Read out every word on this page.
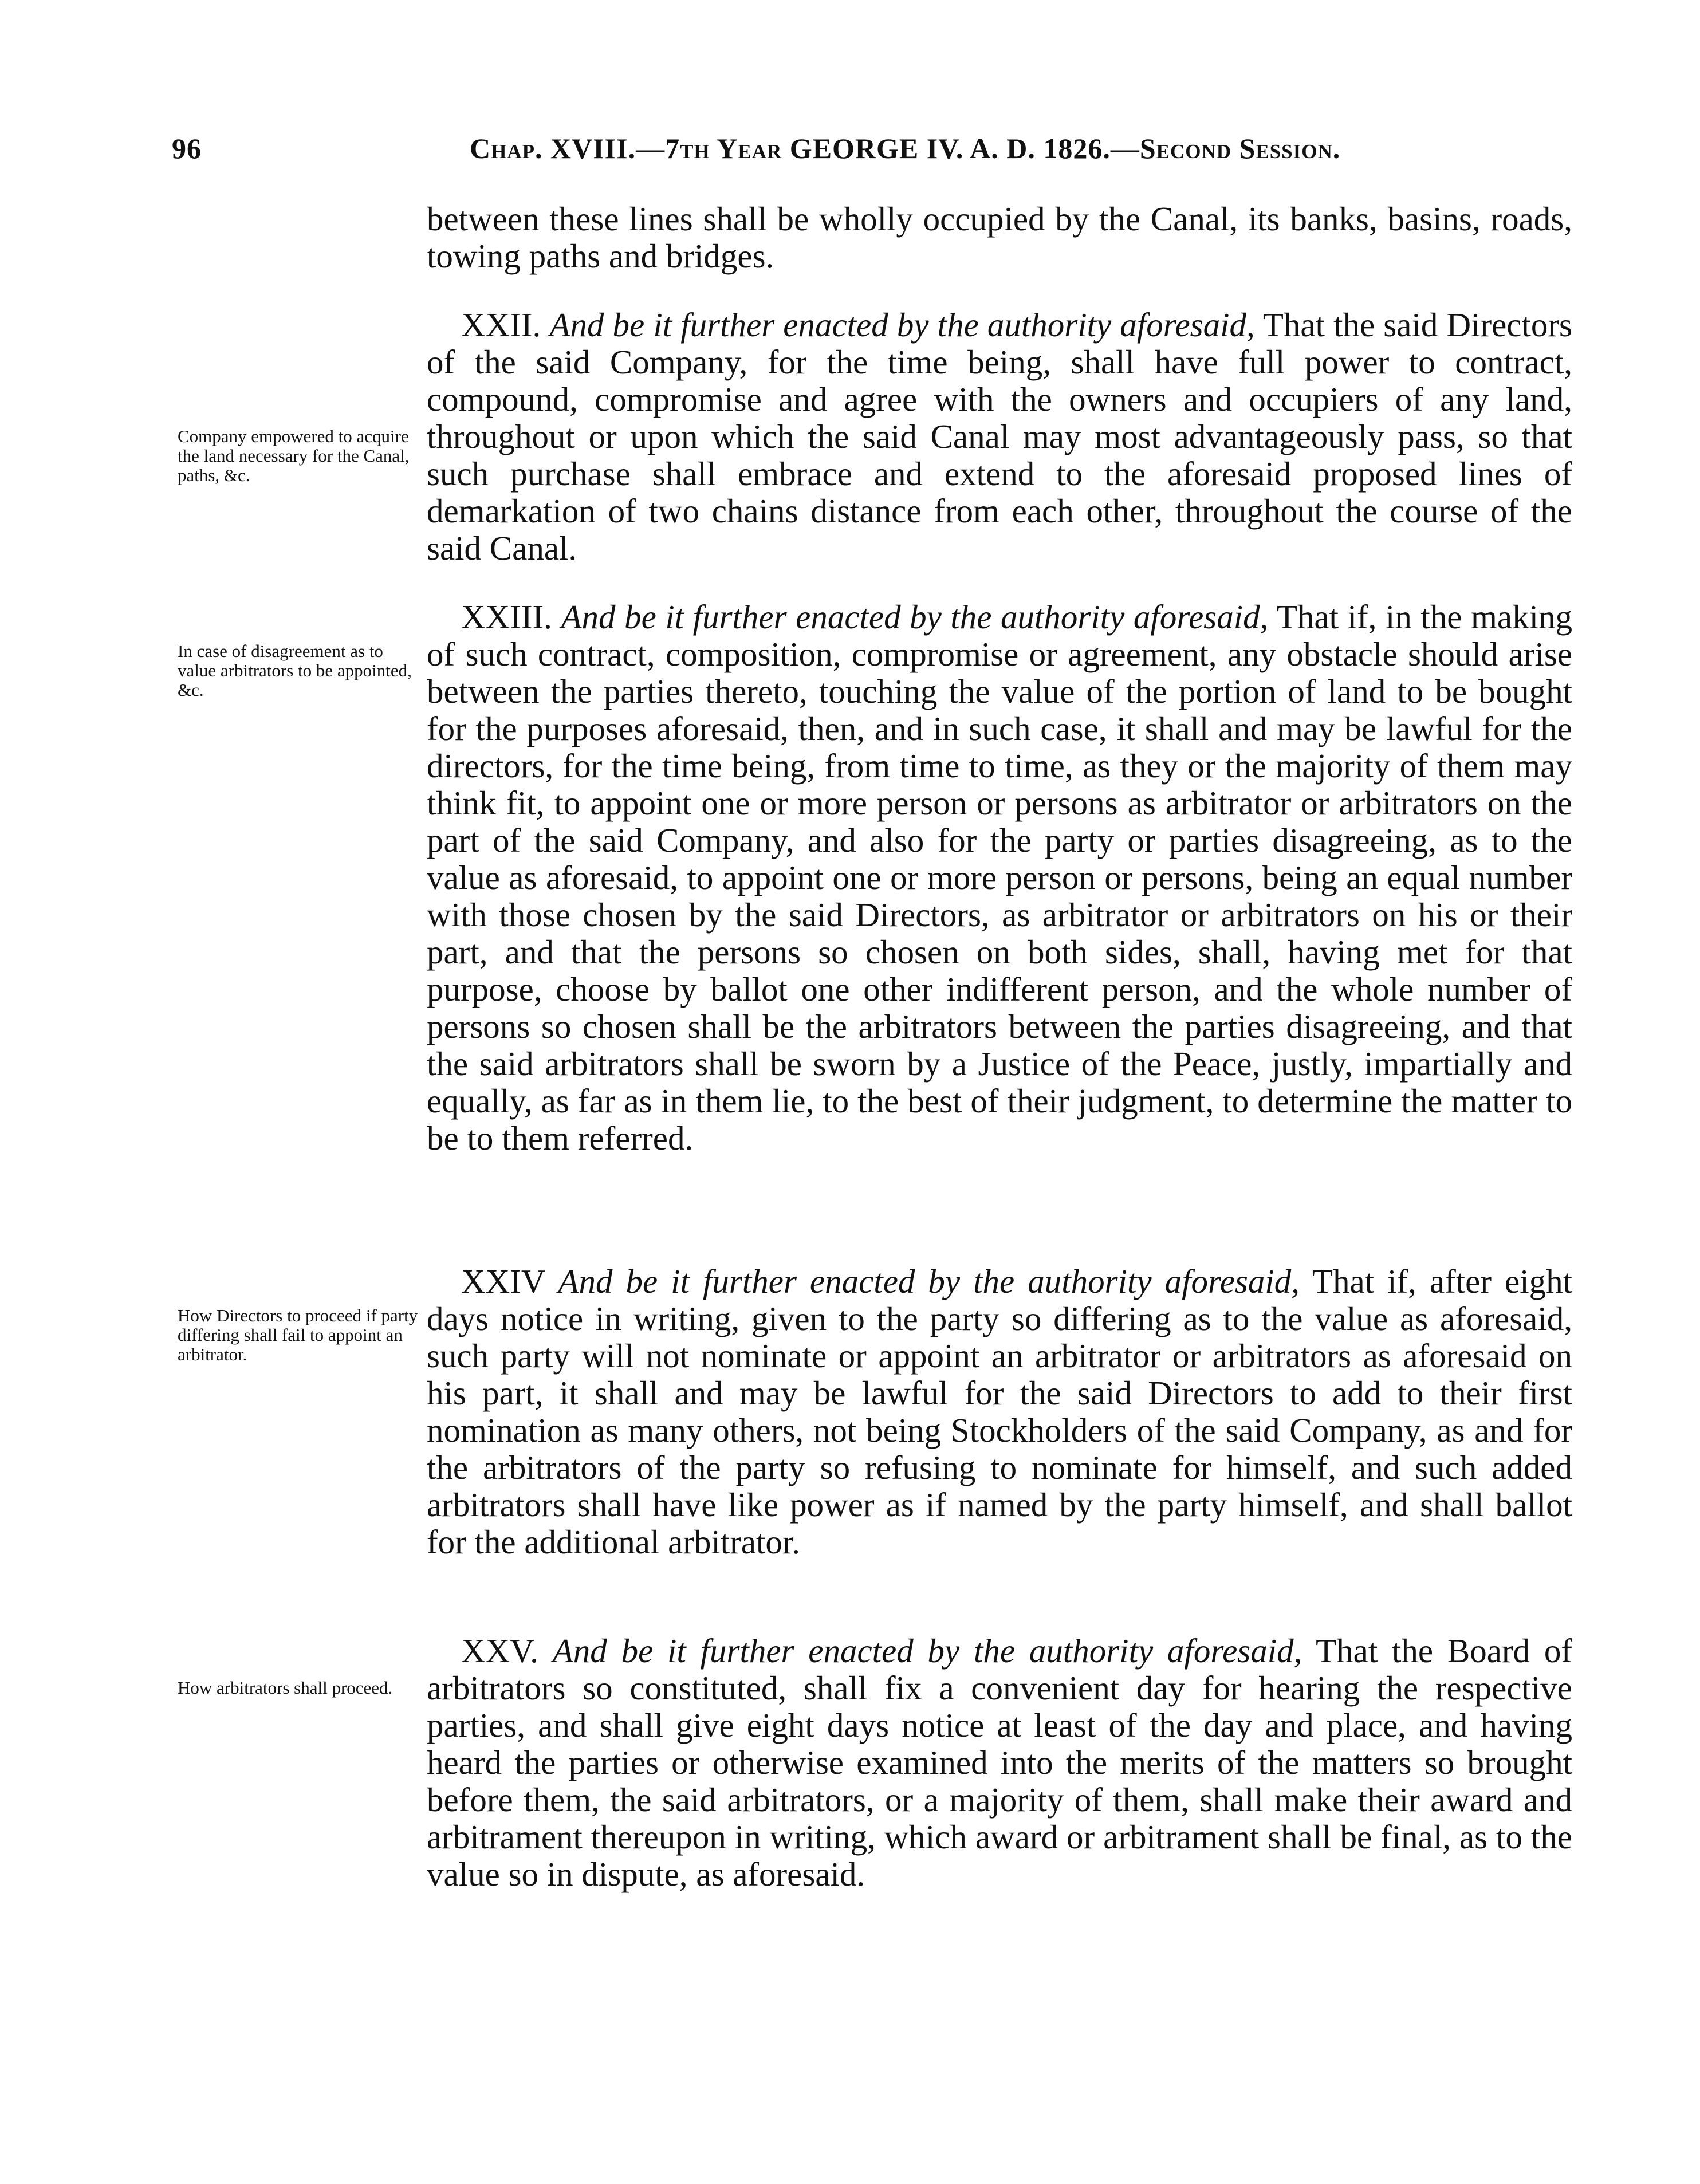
96	Chap. XVIII.—7th Year GEORGE IV. A. D. 1826.—Second Session.

between these lines shall be wholly occupied by the Canal, its banks, basins, roads, towing paths and bridges.

XXII. And be it further enacted by the authority aforesaid, That the said Directors of the said Company, for the time being, shall have full power to contract, compound, compromise and agree with the owners and occupiers of any land, throughout or upon which the said Canal may most advantageously pass, so that such purchase shall embrace and extend to the aforesaid proposed lines of demarkation of two chains distance from each other, throughout the course of the said Canal.

Company empowered to acquire the land necessary for the Canal, paths, &c.

XXIII. And be it further enacted by the authority aforesaid, That if, in the making of such contract, composition, compromise or agreement, any obstacle should arise between the parties thereto, touching the value of the portion of land to be bought for the purposes aforesaid, then, and in such case, it shall and may be lawful for the directors, for the time being, from time to time, as they or the majority of them may think fit, to appoint one or more person or persons as arbitrator or arbitrators on the part of the said Company, and also for the party or parties disagreeing, as to the value as aforesaid, to appoint one or more person or persons, being an equal number with those chosen by the said Directors, as arbitrator or arbitrators on his or their part, and that the persons so chosen on both sides, shall, having met for that purpose, choose by ballot one other indifferent person, and the whole number of persons so chosen shall be the arbitrators between the parties disagreeing, and that the said arbitrators shall be sworn by a Justice of the Peace, justly, impartially and equally, as far as in them lie, to the best of their judgment, to determine the matter to be to them referred.

In case of disagreement as to value arbitrators to be appointed, &c.

XXIV And be it further enacted by the authority aforesaid, That if, after eight days notice in writing, given to the party so differing as to the value as aforesaid, such party will not nominate or appoint an arbitrator or arbitrators as aforesaid on his part, it shall and may be lawful for the said Directors to add to their first nomination as many others, not being Stockholders of the said Company, as and for the arbitrators of the party so refusing to nominate for himself, and such added arbitrators shall have like power as if named by the party himself, and shall ballot for the additional arbitrator.

How Directors to proceed if party differing shall fail to appoint an arbitrator.

XXV. And be it further enacted by the authority aforesaid, That the Board of arbitrators so constituted, shall fix a convenient day for hearing the respective parties, and shall give eight days notice at least of the day and place, and having heard the parties or otherwise examined into the merits of the matters so brought before them, the said arbitrators, or a majority of them, shall make their award and arbitrament thereupon in writing, which award or arbitrament shall be final, as to the value so in dispute, as aforesaid.

How arbitrators shall proceed.
